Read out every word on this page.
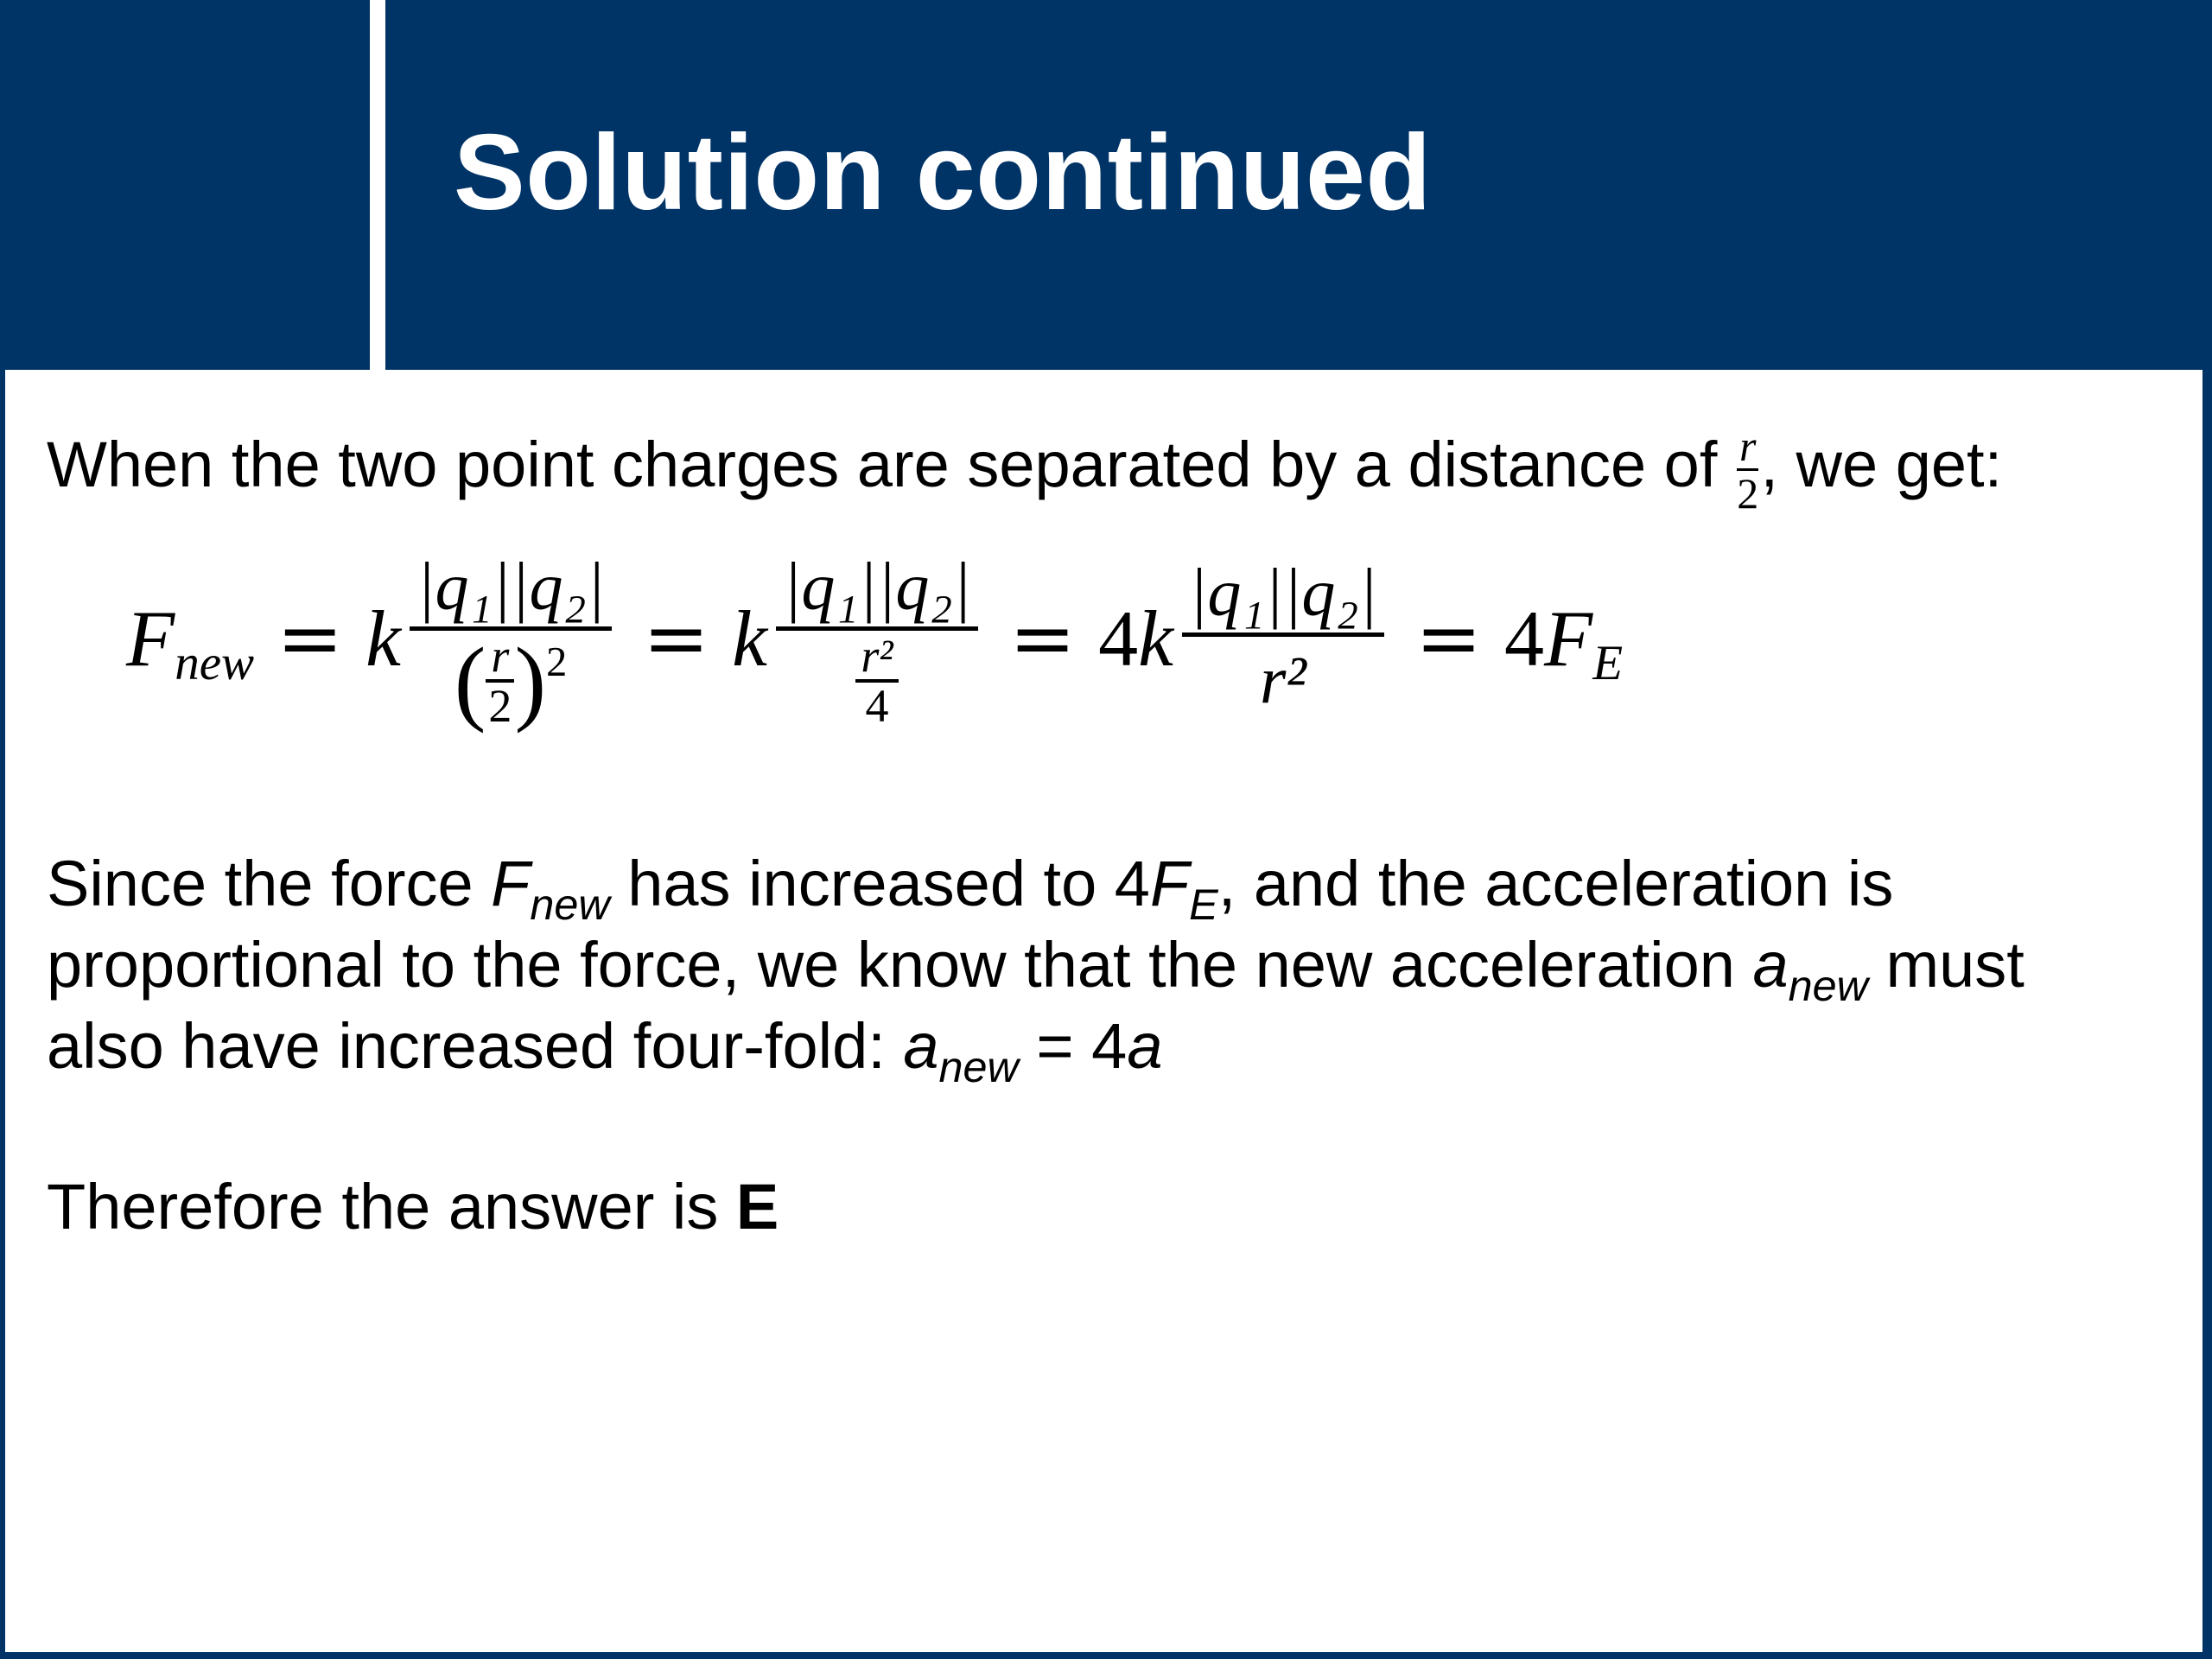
Solution continued
When the two point charges are separated by a distance of $\frac{r}{2}$ , we get:
Fnew = k $\frac{\text{|q₁||q₂|}}{( \frac{r}{2} )^2} = k \frac{\text{|q₁||q₂|}}{\frac{\text{r²}}{4}} = 4k \frac{\text{|q₁||q₂|}}{\text{r²}} = 4FE$
Since the force $F_{new}$ has increased to $4F_E$, and the acceleration is
proportional to the force, we know that the new acceleration $a_{new}$ must
also have increased four-fold: $a_{new} = 4a$
Therefore the answer is E
